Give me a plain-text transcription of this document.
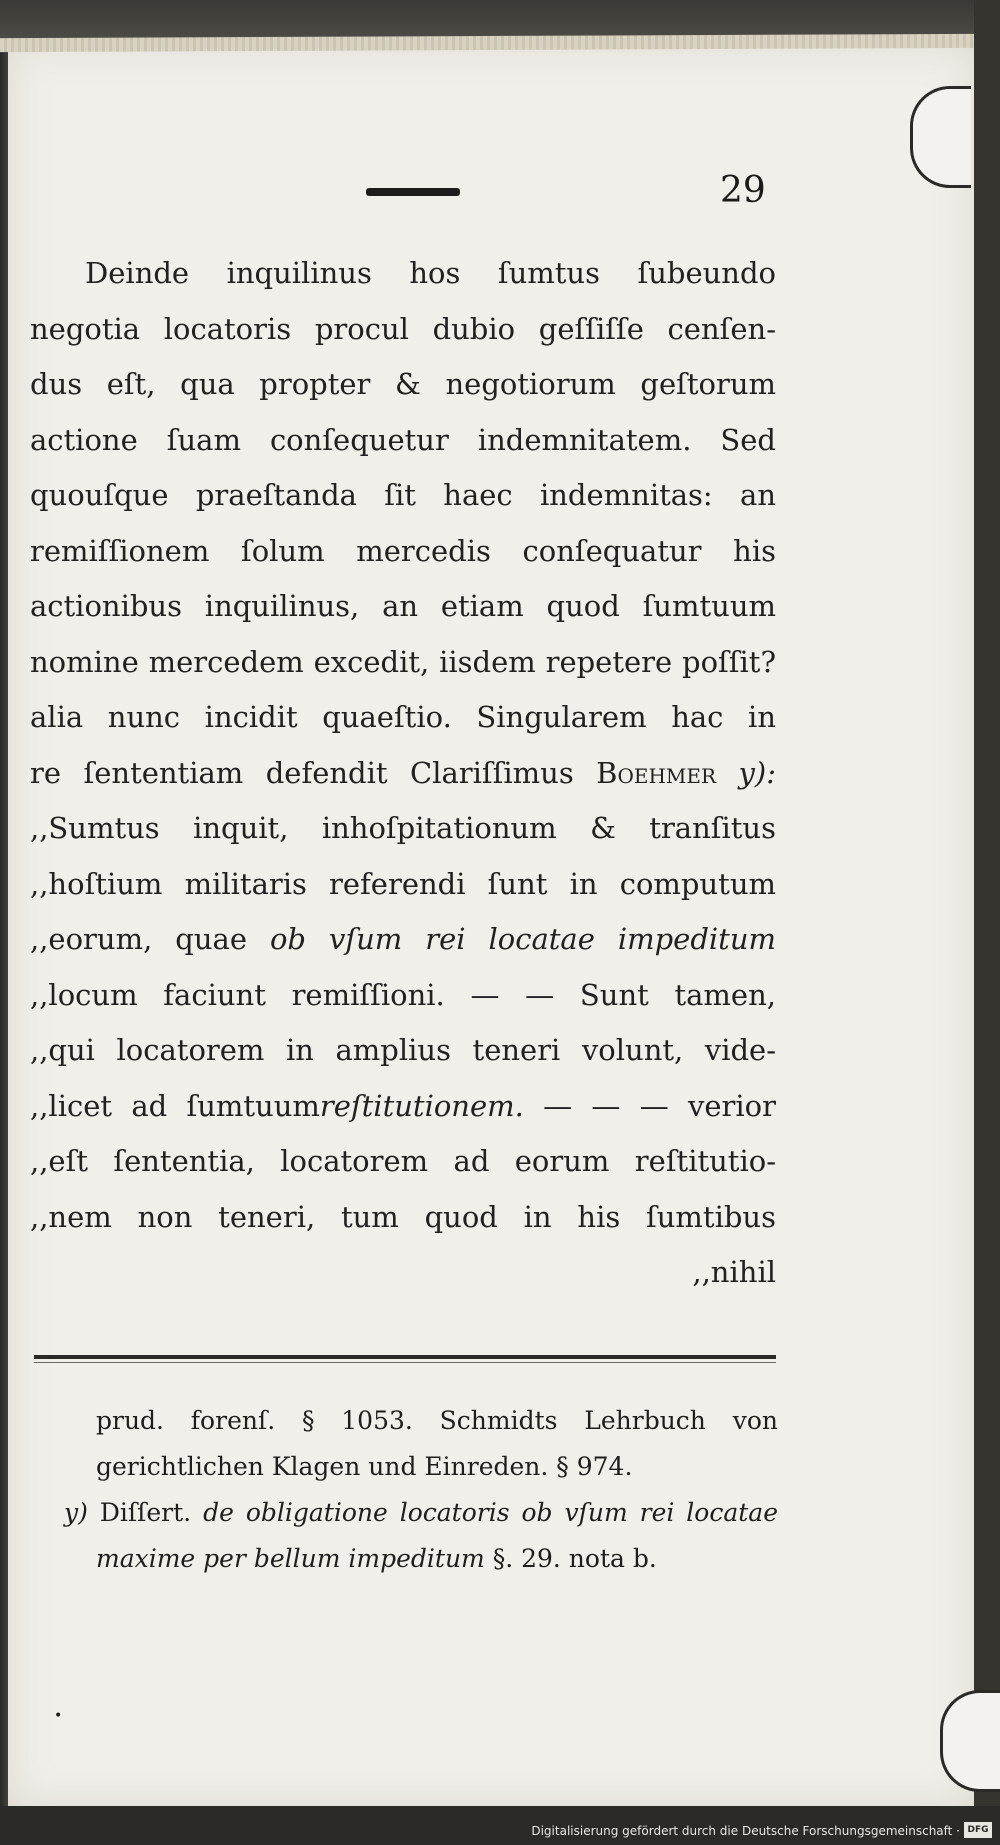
29
Deinde inquilinus hos ſumtus ſubeundo
negotia locatoris procul dubio geſſiſſe cenſen-
dus eſt, qua propter & negotiorum geſtorum
actione ſuam conſequetur indemnitatem. Sed
quouſque praeſtanda ſit haec indemnitas: an
remiſſionem ſolum mercedis conſequatur his
actionibus inquilinus, an etiam quod ſumtuum
nomine mercedem excedit, iisdem repetere poſſit?
alia nunc incidit quaeſtio. Singularem hac in
re ſententiam defendit Clariſſimus Boehmer y):
,,Sumtus inquit, inhoſpitationum & tranſitus
,,hoſtium militaris referendi ſunt in computum
,,eorum, quae ob vſum rei locatae impeditum
,,locum faciunt remiſſioni. — — Sunt tamen,
,,qui locatorem in amplius teneri volunt, vide-
,,licet ad ſumtuumreſtitutionem. — — — verior
,,eſt ſententia, locatorem ad eorum reſtitutio-
,,nem non teneri, tum quod in his ſumtibus
,,nihil
prud. forenſ. § 1053. Schmidts Lehrbuch von
gerichtlichen Klagen und Einreden. § 974.
y) Diſſert. de obligatione locatoris ob vſum rei locatae
maxime per bellum impeditum §. 29. nota b.
•
Digitalisierung gefördert durch die Deutsche Forschungsgemeinschaft · DFG
